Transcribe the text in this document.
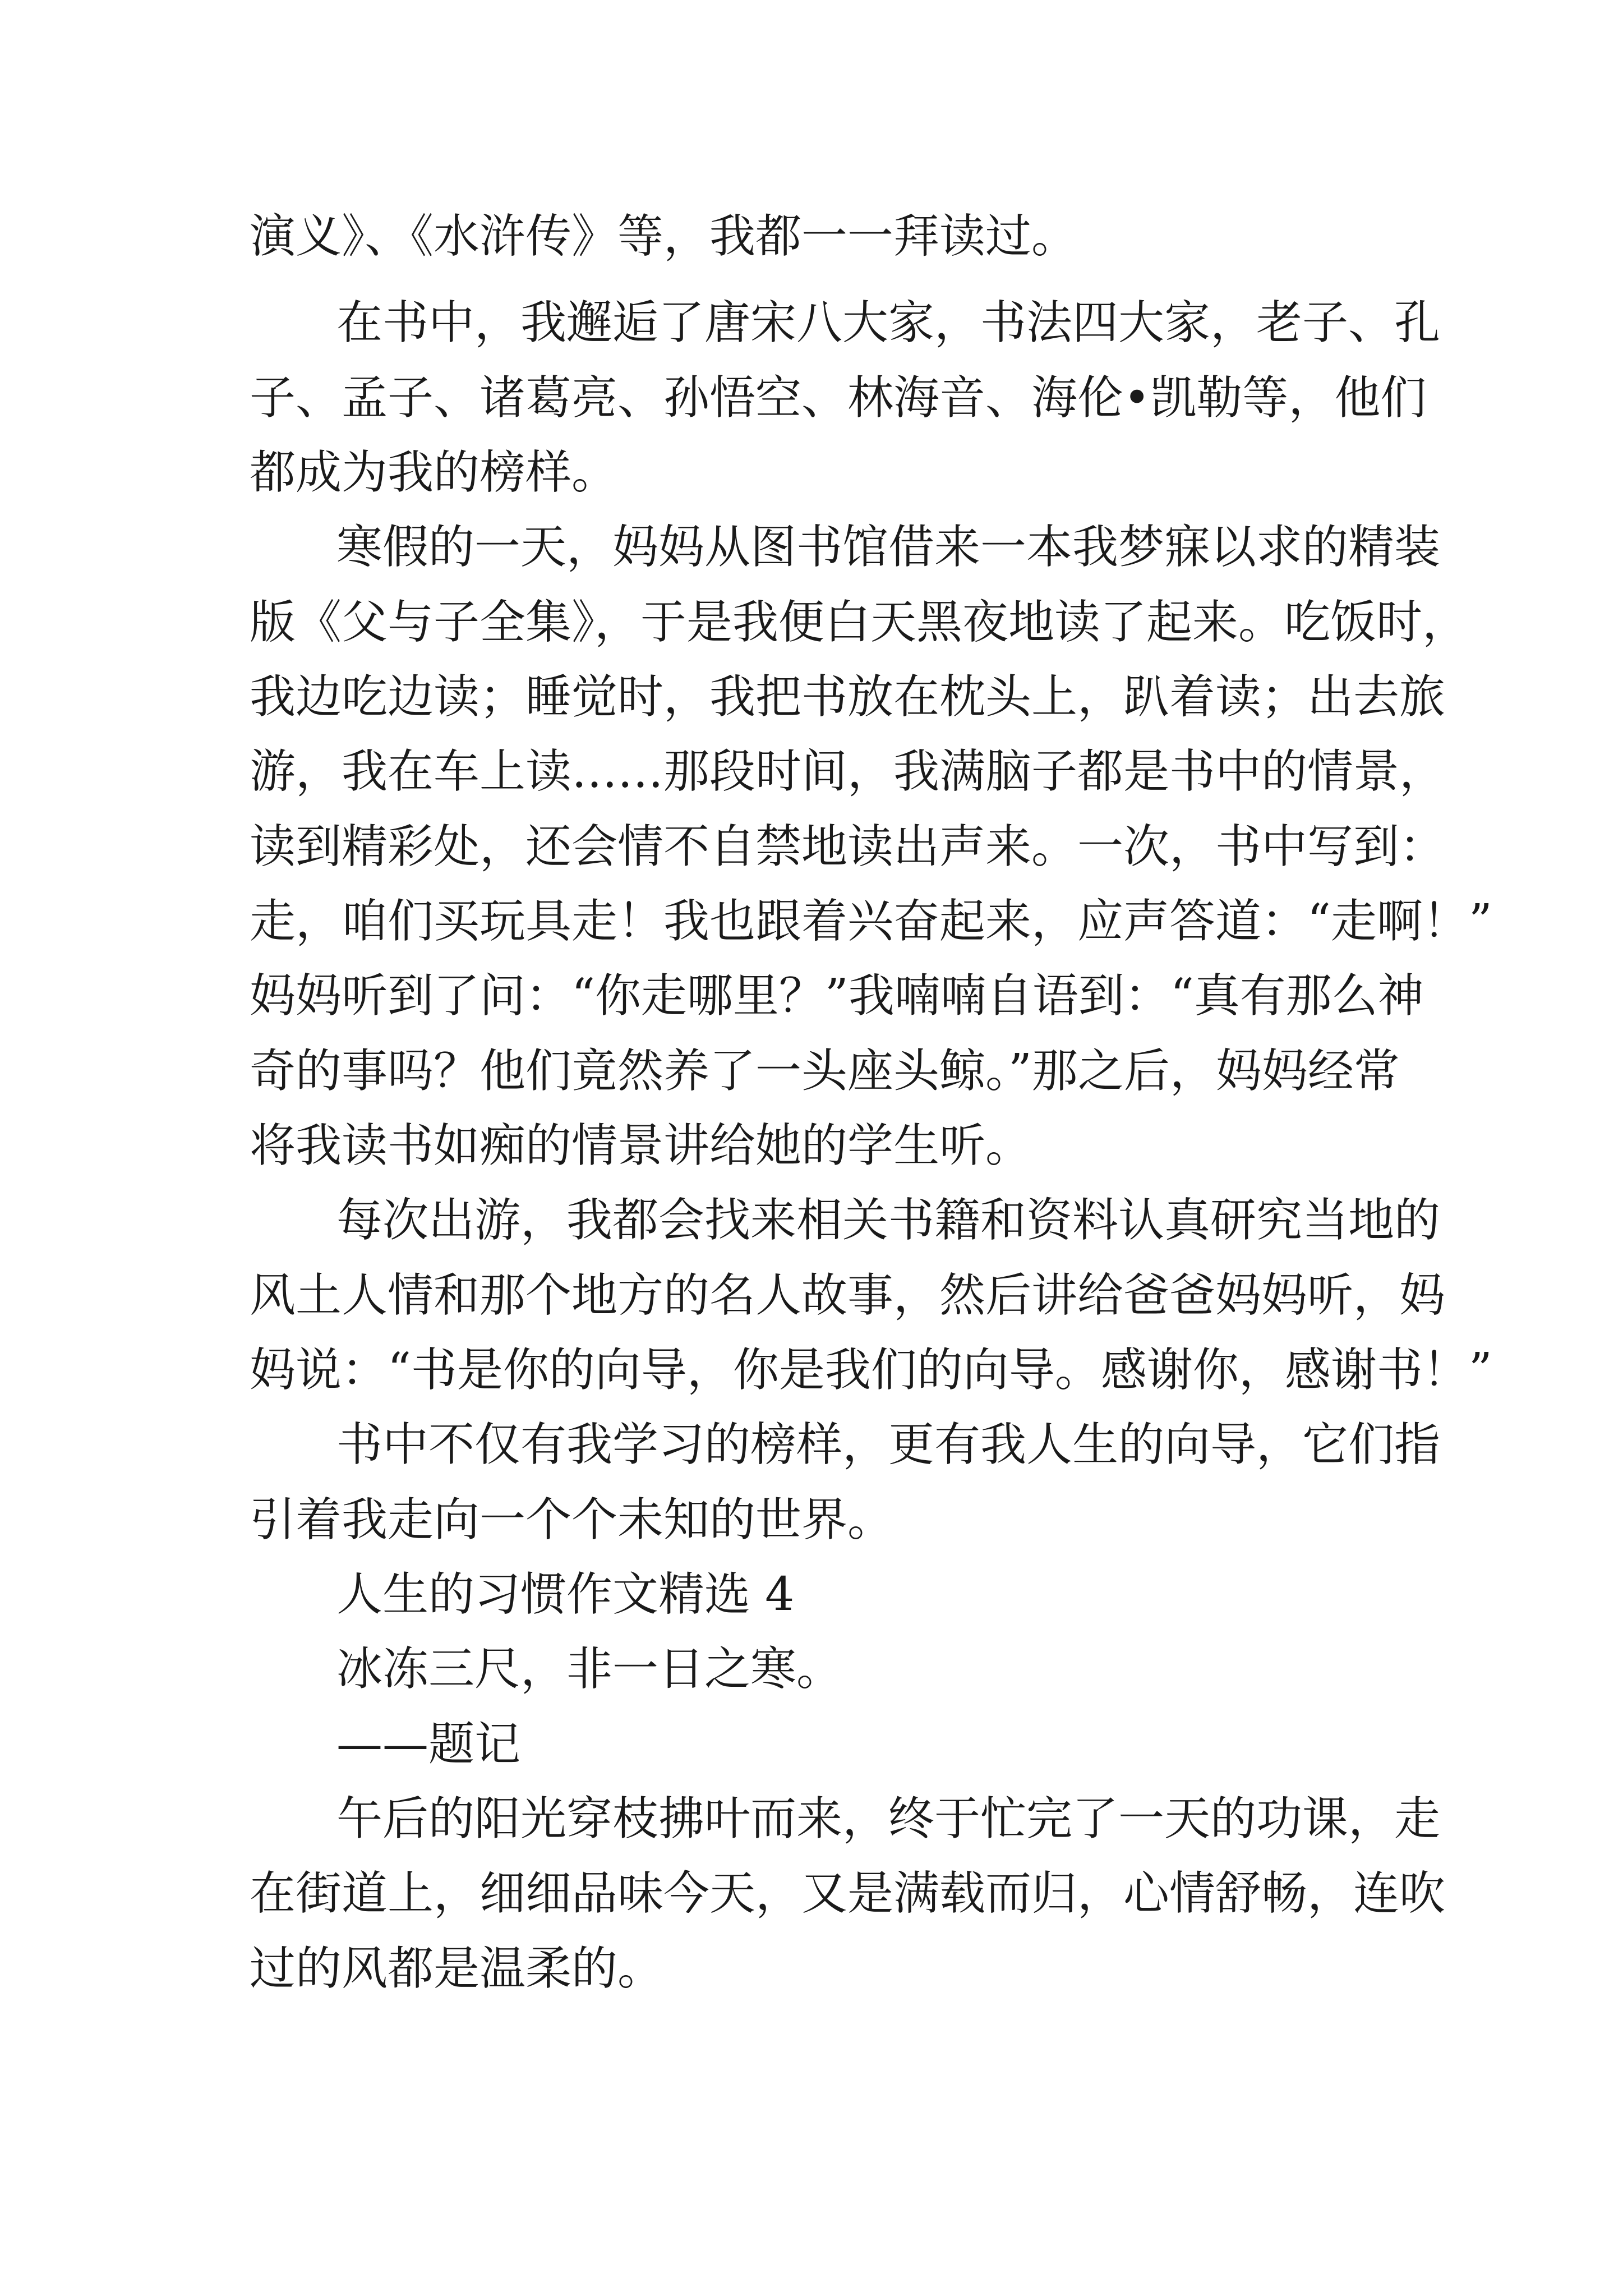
演义》、《水浒传》等，我都一一拜读过。

在书中，我邂逅了唐宋八大家，书法四大家，老子、孔

子、孟子、诸葛亮、孙悟空、林海音、海伦•凯勒等，他们

都成为我的榜样。

寒假的一天，妈妈从图书馆借来一本我梦寐以求的精装

版《父与子全集》，于是我便白天黑夜地读了起来。吃饭时，

我边吃边读；睡觉时，我把书放在枕头上，趴着读；出去旅

游，我在车上读……那段时间，我满脑子都是书中的情景，

读到精彩处，还会情不自禁地读出声来。一次，书中写到：

走，咱们买玩具走！我也跟着兴奋起来，应声答道：“走啊！”

妈妈听到了问：“你走哪里？”我喃喃自语到：“真有那么神

奇的事吗？他们竟然养了一头座头鲸。”那之后，妈妈经常

将我读书如痴的情景讲给她的学生听。

每次出游，我都会找来相关书籍和资料认真研究当地的

风土人情和那个地方的名人故事，然后讲给爸爸妈妈听，妈

妈说：“书是你的向导，你是我们的向导。感谢你，感谢书！”

书中不仅有我学习的榜样，更有我人生的向导，它们指

引着我走向一个个未知的世界。

人生的习惯作文精选 4

冰冻三尺，非一日之寒。

——题记

午后的阳光穿枝拂叶而来，终于忙完了一天的功课，走

在街道上，细细品味今天，又是满载而归，心情舒畅，连吹

过的风都是温柔的。
